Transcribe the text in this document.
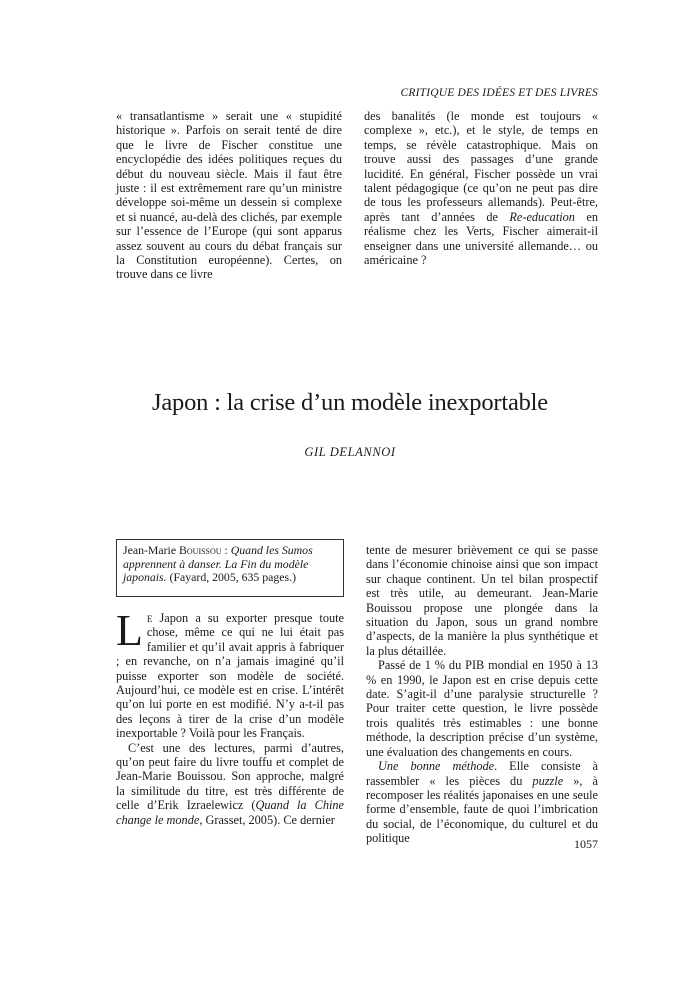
CRITIQUE DES IDÉES ET DES LIVRES

« transatlantisme » serait une « stupidité historique ». Parfois on serait tenté de dire que le livre de Fischer constitue une encyclopédie des idées politiques reçues du début du nouveau siècle. Mais il faut être juste : il est extrêmement rare qu’un ministre développe soi-même un dessein si complexe et si nuancé, au-delà des clichés, par exemple sur l’essence de l’Europe (qui sont apparus assez souvent au cours du débat français sur la Constitution européenne). Certes, on trouve dans ce livre

des banalités (le monde est toujours « complexe », etc.), et le style, de temps en temps, se révèle catastrophique. Mais on trouve aussi des passages d’une grande lucidité. En général, Fischer possède un vrai talent pédagogique (ce qu’on ne peut pas dire de tous les professeurs allemands). Peut-être, après tant d’années de Re-education en réalisme chez les Verts, Fischer aimerait-il enseigner dans une université allemande… ou américaine ?

Japon : la crise d’un modèle inexportable
GIL DELANNOI
Jean-Marie Bouissou : Quand les Sumos apprennent à danser. La Fin du modèle japonais. (Fayard, 2005, 635 pages.)

Le Japon a su exporter presque toute chose, même ce qui ne lui était pas familier et qu’il avait appris à fabriquer ; en revanche, on n’a jamais imaginé qu’il puisse exporter son modèle de société. Aujourd’hui, ce modèle est en crise. L’intérêt qu’on lui porte en est modifié. N’y a-t-il pas des leçons à tirer de la crise d’un modèle inexportable ? Voilà pour les Français.

C’est une des lectures, parmi d’autres, qu’on peut faire du livre touffu et complet de Jean-Marie Bouissou. Son approche, malgré la similitude du titre, est très différente de celle d’Erik Izraelewicz (Quand la Chine change le monde, Grasset, 2005). Ce dernier

tente de mesurer brièvement ce qui se passe dans l’économie chinoise ainsi que son impact sur chaque continent. Un tel bilan prospectif est très utile, au demeurant. Jean-Marie Bouissou propose une plongée dans la situation du Japon, sous un grand nombre d’aspects, de la manière la plus synthétique et la plus détaillée.

Passé de 1 % du PIB mondial en 1950 à 13 % en 1990, le Japon est en crise depuis cette date. S’agit-il d’une paralysie structurelle ? Pour traiter cette question, le livre possède trois qualités très estimables : une bonne méthode, la description précise d’un système, une évaluation des changements en cours.

Une bonne méthode. Elle consiste à rassembler « les pièces du puzzle », à recomposer les réalités japonaises en une seule forme d’ensemble, faute de quoi l’imbrication du social, de l’économique, du culturel et du politique	1057
